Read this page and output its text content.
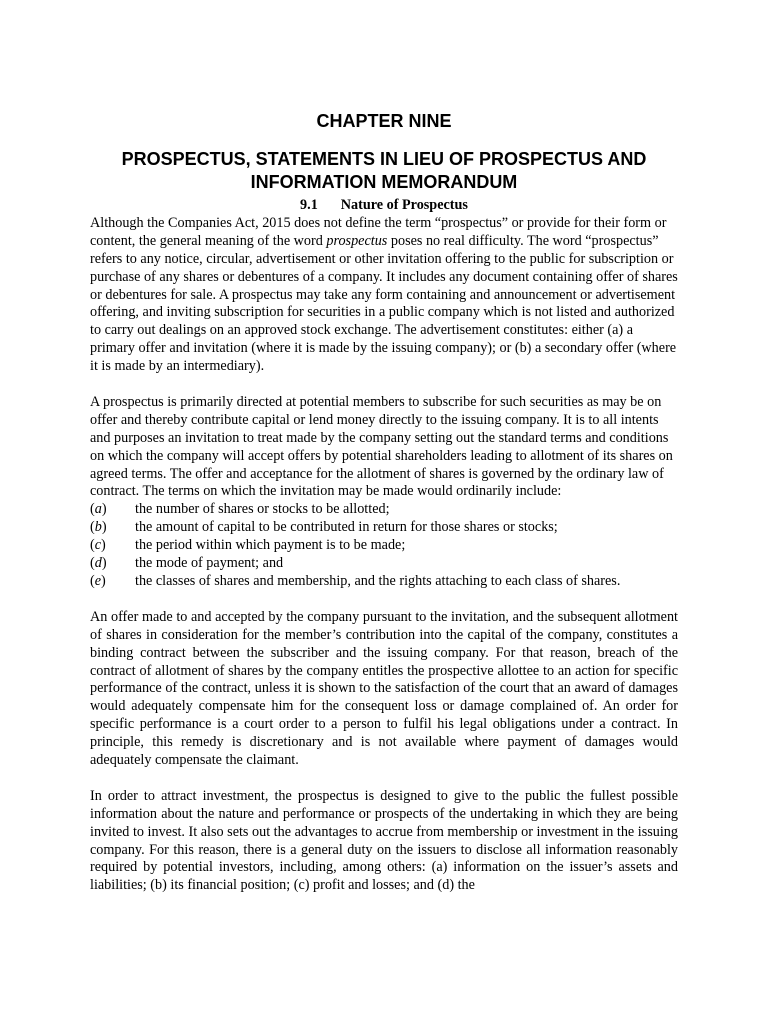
CHAPTER NINE
PROSPECTUS, STATEMENTS IN LIEU OF PROSPECTUS AND INFORMATION MEMORANDUM
9.1 Nature of Prospectus

Although the Companies Act, 2015 does not define the term “prospectus” or provide for their form or content, the general meaning of the word prospectus poses no real difficulty. The word “prospectus” refers to any notice, circular, advertisement or other invitation offering to the public for subscription or purchase of any shares or debentures of a company. It includes any document containing offer of shares or debentures for sale. A prospectus may take any form containing and announcement or advertisement offering, and inviting subscription for securities in a public company which is not listed and authorized to carry out dealings on an approved stock exchange. The advertisement constitutes: either (a) a primary offer and invitation (where it is made by the issuing company); or (b) a secondary offer (where it is made by an intermediary).

A prospectus is primarily directed at potential members to subscribe for such securities as may be on offer and thereby contribute capital or lend money directly to the issuing company. It is to all intents and purposes an invitation to treat made by the company setting out the standard terms and conditions on which the company will accept offers by potential shareholders leading to allotment of its shares on agreed terms. The offer and acceptance for the allotment of shares is governed by the ordinary law of contract. The terms on which the invitation may be made would ordinarily include:

(a)	the number of shares or stocks to be allotted;
(b)	the amount of capital to be contributed in return for those shares or stocks;
(c)	the period within which payment is to be made;
(d)	the mode of payment; and
(e)	the classes of shares and membership, and the rights attaching to each class of shares.

An offer made to and accepted by the company pursuant to the invitation, and the subsequent allotment of shares in consideration for the member’s contribution into the capital of the company, constitutes a binding contract between the subscriber and the issuing company. For that reason, breach of the contract of allotment of shares by the company entitles the prospective allottee to an action for specific performance of the contract, unless it is shown to the satisfaction of the court that an award of damages would adequately compensate him for the consequent loss or damage complained of. An order for specific performance is a court order to a person to fulfil his legal obligations under a contract. In principle, this remedy is discretionary and is not available where payment of damages would adequately compensate the claimant.

In order to attract investment, the prospectus is designed to give to the public the fullest possible information about the nature and performance or prospects of the undertaking in which they are being invited to invest. It also sets out the advantages to accrue from membership or investment in the issuing company. For this reason, there is a general duty on the issuers to disclose all information reasonably required by potential investors, including, among others: (a) information on the issuer’s assets and liabilities; (b) its financial position; (c) profit and losses; and (d) the
